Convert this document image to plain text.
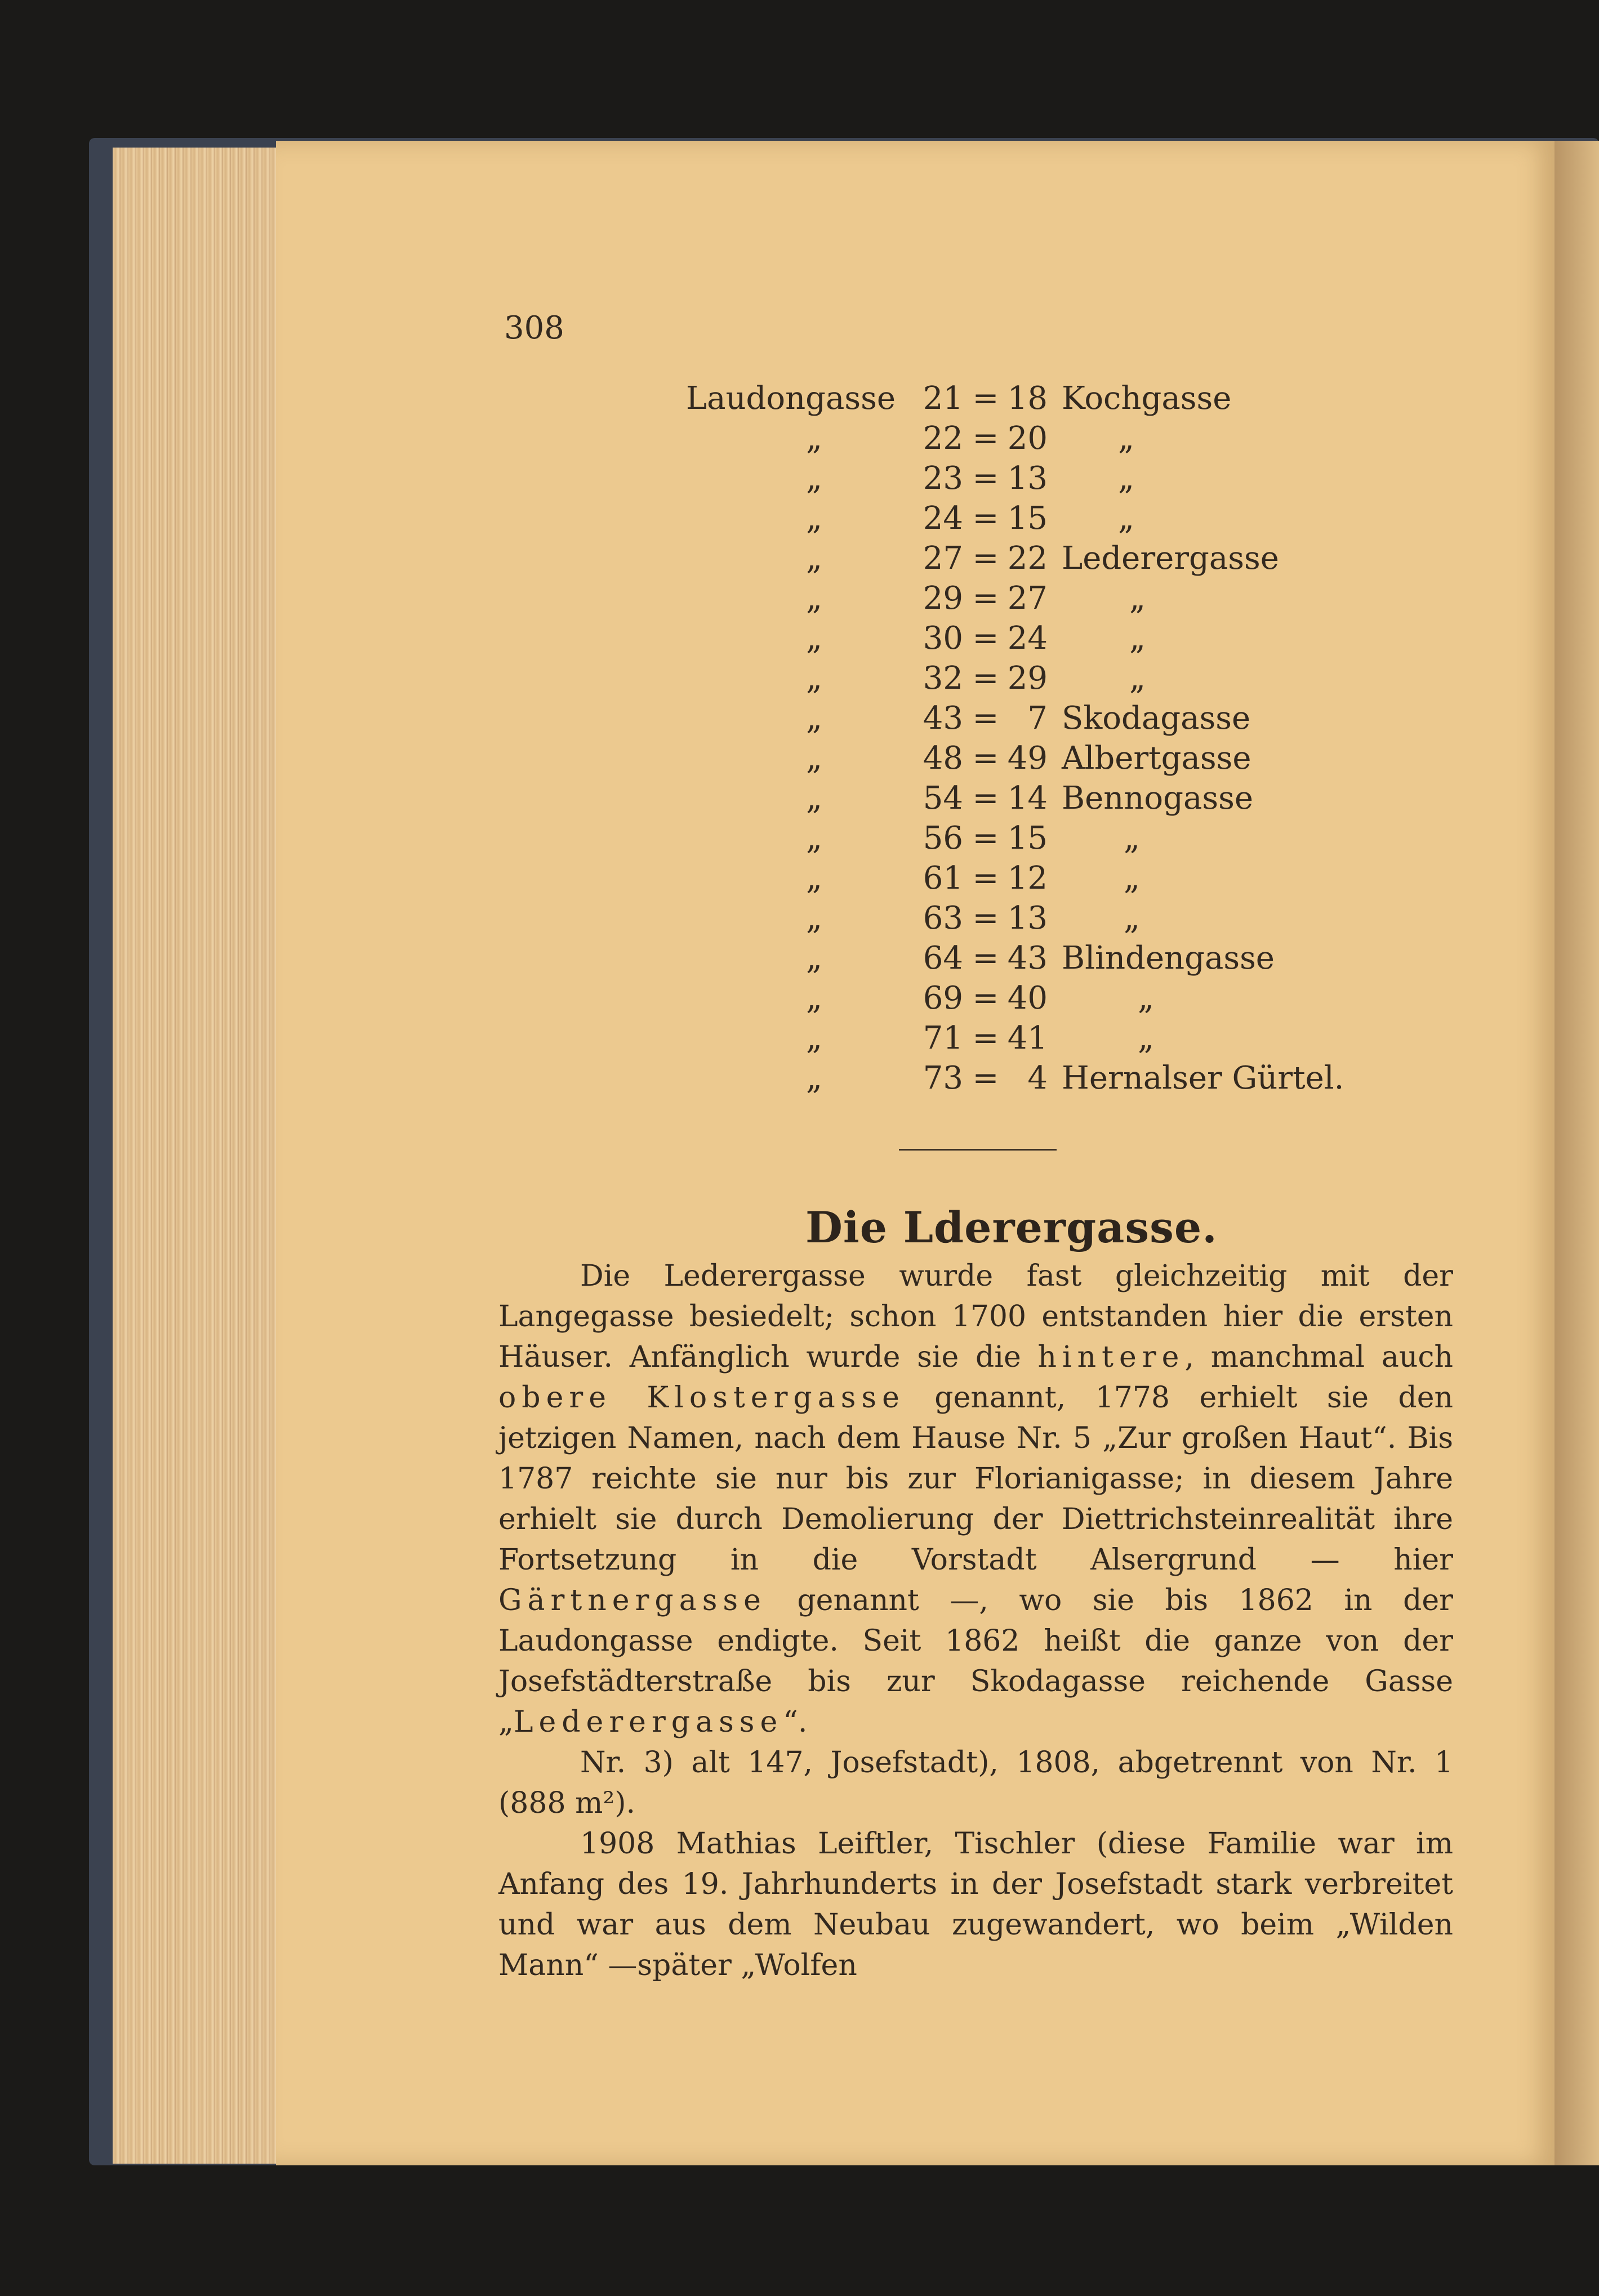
308
Laudongasse 21 = 18 Kochgasse
„	22 = 20 „
„	23 = 13 „
„	24 = 15 „
„	27 = 22 Lederergasse
„	29 = 27	„
„	30 = 24	„
„	32 = 29	„
„	43 = 7 Skodagasse
„	48 = 49 Albertgasse
„	54 = 14 Bennogasse
„	56 = 15 „
„	61 = 12 „
„	63 = 13 „
„	64 = 43 Blindengasse
„	69 = 40	„
„	71 = 41	„
„	73 = 4 Hernalser Gürtel.
Die Lderergasse.

Die Lederergasse wurde fast gleichzeitig mit der Langegasse besiedelt; schon 1700 entstanden hier die ersten Häuser. Anfänglich wurde sie die hintere, manchmal auch obere Klostergasse genannt, 1778 erhielt sie den jetzigen Namen, nach dem Hause Nr. 5 „Zur großen Haut“. Bis 1787 reichte sie nur bis zur Florianigasse; in diesem Jahre erhielt sie durch Demolierung der Diettrichsteinrealität ihre Fortsetzung in die Vorstadt Alsergrund — hier Gärtnergasse genannt —, wo sie bis 1862 in der Laudongasse endigte. Seit 1862 heißt die ganze von der Josefstädterstraße bis zur Skodagasse reichende Gasse „Lederergasse“.

Nr. 3) alt 147, Josefstadt), 1808, abgetrennt von Nr. 1 (888 m²).

1908 Mathias Leiftler, Tischler (diese Familie war im Anfang des 19. Jahrhunderts in der Josefstadt stark verbreitet und war aus dem Neubau zugewandert, wo beim „Wilden Mann“ —später „Wolfen
